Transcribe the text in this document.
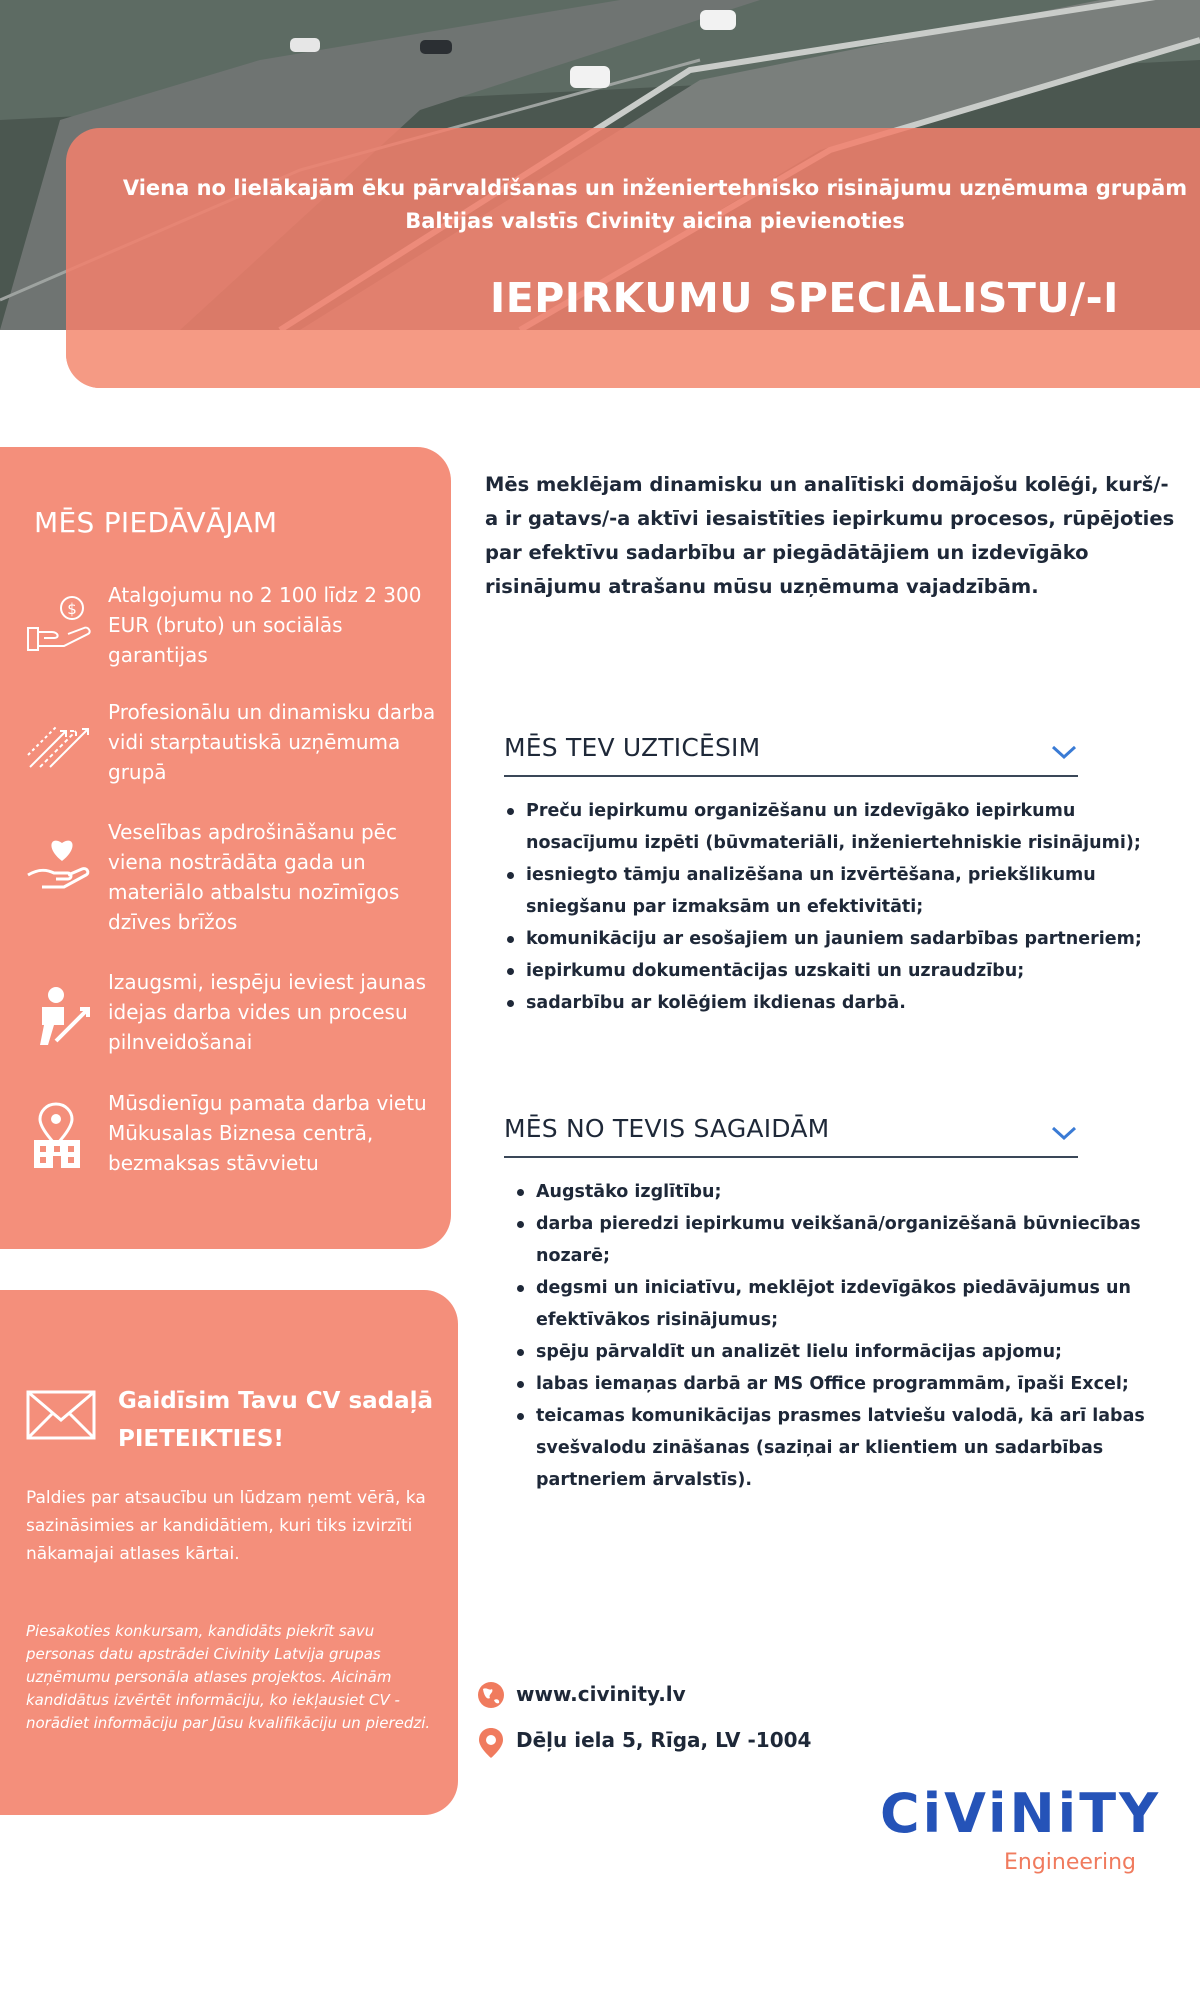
Viena no lielākajām ēku pārvaldīšanas un inženiertehnisko risinājumu uzņēmuma grupām
Baltijas valstīs Civinity aicina pievienoties
IEPIRKUMU SPECIĀLISTU/-I
MĒS PIEDĀVĀJAM
$
Atalgojumu no 2 100 līdz 2 300 EUR (bruto) un sociālās garantijas
Profesionālu un dinamisku darba vidi starptautiskā uzņēmuma grupā
Veselības apdrošināšanu pēc viena nostrādāta gada un materiālo atbalstu nozīmīgos dzīves brīžos
Izaugsmi, iespēju ieviest jaunas idejas darba vides un procesu pilnveidošanai
Mūsdienīgu pamata darba vietu Mūkusalas Biznesa centrā, bezmaksas stāvvietu
Gaidīsim Tavu CV sadaļā
PIETEIKTIES!
Paldies par atsaucību un lūdzam ņemt vērā, ka sazināsimies ar kandidātiem, kuri tiks izvirzīti nākamajai atlases kārtai.
Piesakoties konkursam, kandidāts piekrīt savu personas datu apstrādei Civinity Latvija grupas uzņēmumu personāla atlases projektos. Aicinām kandidātus izvērtēt informāciju, ko iekļausiet CV - norādiet informāciju par Jūsu kvalifikāciju un pieredzi.
Mēs meklējam dinamisku un analītiski domājošu kolēģi, kurš/-a ir gatavs/-a aktīvi iesaistīties iepirkumu procesos, rūpējoties par efektīvu sadarbību ar piegādātājiem un izdevīgāko risinājumu atrašanu mūsu uzņēmuma vajadzībām.
MĒS TEV UZTICĒSIM
Preču iepirkumu organizēšanu un izdevīgāko iepirkumu nosacījumu izpēti (būvmateriāli, inženiertehniskie risinājumi);
iesniegto tāmju analizēšana un izvērtēšana, priekšlikumu sniegšanu par izmaksām un efektivitāti;
komunikāciju ar esošajiem un jauniem sadarbības partneriem;
iepirkumu dokumentācijas uzskaiti un uzraudzību;
sadarbību ar kolēģiem ikdienas darbā.
MĒS NO TEVIS SAGAIDĀM
Augstāko izglītību;
darba pieredzi iepirkumu veikšanā/organizēšanā būvniecības nozarē;
degsmi un iniciatīvu, meklējot izdevīgākos piedāvājumus un efektīvākos risinājumus;
spēju pārvaldīt un analizēt lielu informācijas apjomu;
labas iemaņas darbā ar MS Office programmām, īpaši Excel;
teicamas komunikācijas prasmes latviešu valodā, kā arī labas svešvalodu zināšanas (saziņai ar klientiem un sadarbības partneriem ārvalstīs).
www.civinity.lv
Dēļu iela 5, Rīga, LV -1004
CiViNiTY
Engineering
